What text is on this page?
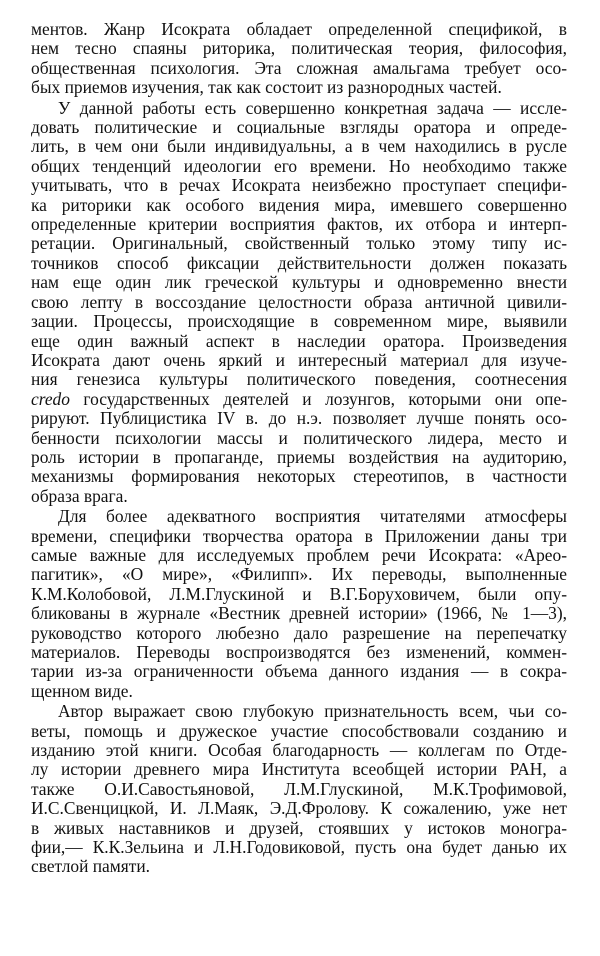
ментов. Жанр Исократа обладает определенной спецификой, в
нем тесно спаяны риторика, политическая теория, философия,
общественная психология. Эта сложная амальгама требует осо-
бых приемов изучения, так как состоит из разнородных частей.

У данной работы есть совершенно конкретная задача — иссле-
довать политические и социальные взгляды оратора и опреде-
лить, в чем они были индивидуальны, а в чем находились в русле
общих тенденций идеологии его времени. Но необходимо также
учитывать, что в речах Исократа неизбежно проступает специфи-
ка риторики как особого видения мира, имевшего совершенно
определенные критерии восприятия фактов, их отбора и интерп-
ретации. Оригинальный, свойственный только этому типу ис-
точников способ фиксации действительности должен показать
нам еще один лик греческой культуры и одновременно внести
свою лепту в воссоздание целостности образа античной цивили-
зации. Процессы, происходящие в современном мире, выявили
еще один важный аспект в наследии оратора. Произведения
Исократа дают очень яркий и интересный материал для изуче-
ния генезиса культуры политического поведения, соотнесения
credo государственных деятелей и лозунгов, которыми они опе-
рируют. Публицистика IV в. до н.э. позволяет лучше понять осо-
бенности психологии массы и политического лидера, место и
роль истории в пропаганде, приемы воздействия на аудиторию,
механизмы формирования некоторых стереотипов, в частности
образа врага.

Для более адекватного восприятия читателями атмосферы
времени, специфики творчества оратора в Приложении даны три
самые важные для исследуемых проблем речи Исократа: «Арео-
пагитик», «О мире», «Филипп». Их переводы, выполненные
К.М.Колобовой, Л.М.Глускиной и В.Г.Боруховичем, были опу-
бликованы в журнале «Вестник древней истории» (1966, № 1—3),
руководство которого любезно дало разрешение на перепечатку
материалов. Переводы воспроизводятся без изменений, коммен-
тарии из-за ограниченности объема данного издания — в сокра-
щенном виде.

Автор выражает свою глубокую признательность всем, чьи со-
веты, помощь и дружеское участие способствовали созданию и
изданию этой книги. Особая благодарность — коллегам по Отде-
лу истории древнего мира Института всеобщей истории РАН, а
также О.И.Савостьяновой, Л.М.Глускиной, М.К.Трофимовой,
И.С.Свенцицкой, И. Л.Маяк, Э.Д.Фролову. К сожалению, уже нет
в живых наставников и друзей, стоявших у истоков моногра-
фии,— К.К.Зельина и Л.Н.Годовиковой, пусть она будет данью их
светлой памяти.
